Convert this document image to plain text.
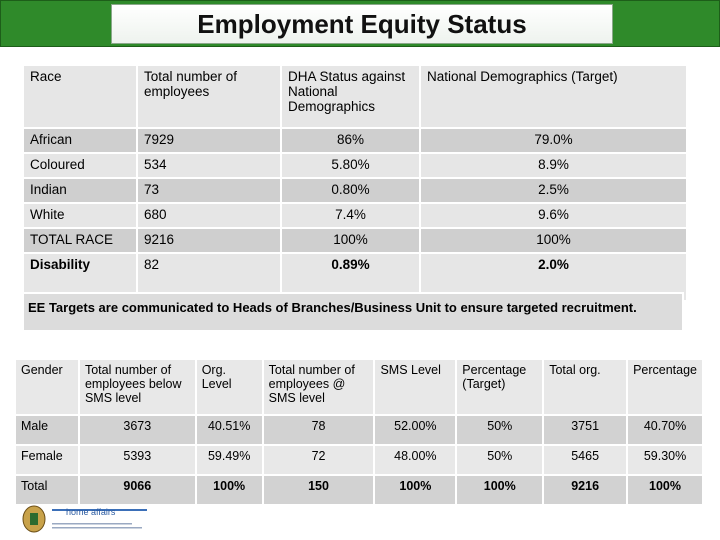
Employment Equity Status
Race	Total number of employees	DHA Status against National Demographics	National Demographics (Target)
African	7929	86%	79.0%
Coloured	534	5.80%	8.9%
Indian	73	0.80%	2.5%
White	680	7.4%	9.6%
TOTAL RACE	9216	100%	100%
Disability	82	0.89%	2.0%
EE Targets are communicated to Heads of Branches/Business Unit to ensure targeted recruitment.
Gender	Total number of employees below SMS level	Org. Level	Total number of employees @ SMS level	SMS Level	Percentage (Target)	Total org.	Percentage
Male	3673	40.51%	78	52.00%	50%	3751	40.70%
Female	5393	59.49%	72	48.00%	50%	5465	59.30%
Total	9066	100%	150	100%	100%	9216	100%
home affairs
